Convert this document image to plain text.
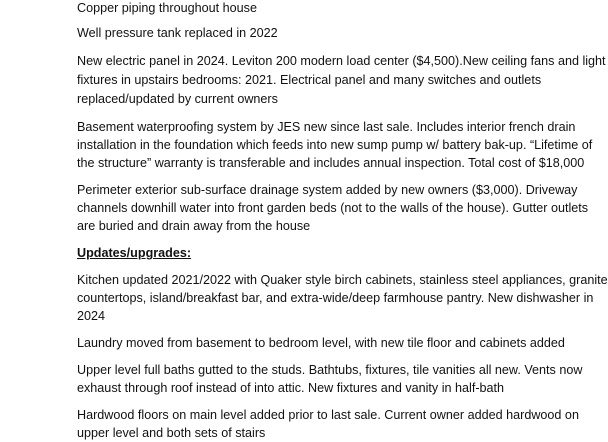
Copper piping throughout house
Well pressure tank replaced in 2022
New electric panel in 2024. Leviton 200 modern load center ($4,500).New ceiling fans and light
fixtures in upstairs bedrooms: 2021. Electrical panel and many switches and outlets
replaced/updated by current owners
Basement waterproofing system by JES new since last sale. Includes interior french drain
installation in the foundation which feeds into new sump pump w/ battery bak-up. “Lifetime of
the structure” warranty is transferable and includes annual inspection. Total cost of $18,000
Perimeter exterior sub-surface drainage system added by new owners ($3,000). Driveway
channels downhill water into front garden beds (not to the walls of the house). Gutter outlets
are buried and drain away from the house
Updates/upgrades:
Kitchen updated 2021/2022 with Quaker style birch cabinets, stainless steel appliances, granite
countertops, island/breakfast bar, and extra-wide/deep farmhouse pantry. New dishwasher in
2024
Laundry moved from basement to bedroom level, with new tile floor and cabinets added
Upper level full baths gutted to the studs. Bathtubs, fixtures, tile vanities all new. Vents now
exhaust through roof instead of into attic. New fixtures and vanity in half-bath
Hardwood floors on main level added prior to last sale. Current owner added hardwood on
upper level and both sets of stairs
